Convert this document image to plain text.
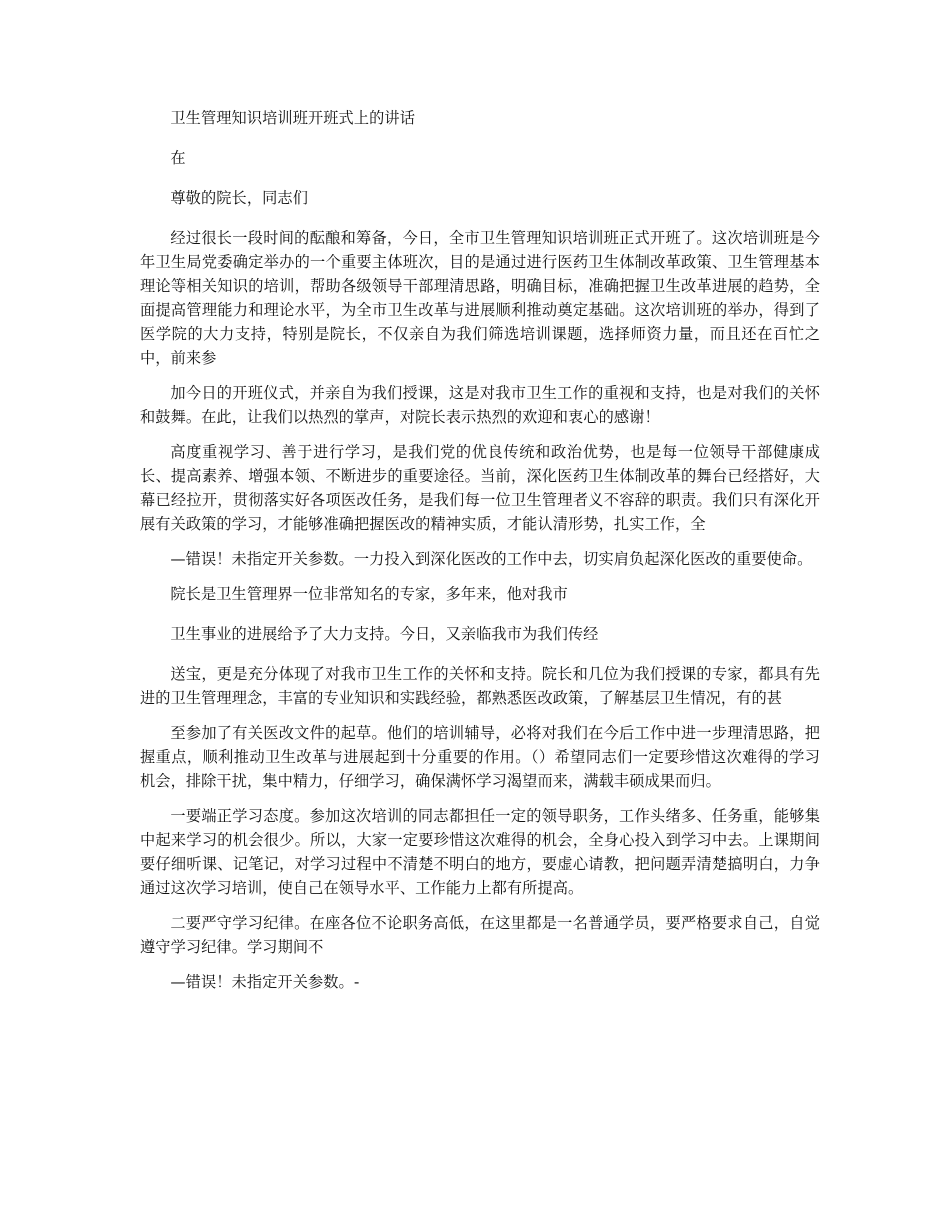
卫生管理知识培训班开班式上的讲话

在

尊敬的院长，同志们

经过很长一段时间的酝酿和筹备，今日，全市卫生管理知识培训班正式开班了。这次培训班是今年卫生局党委确定举办的一个重要主体班次，目的是通过进行医药卫生体制改革政策、卫生管理基本理论等相关知识的培训，帮助各级领导干部理清思路，明确目标，准确把握卫生改革进展的趋势，全面提高管理能力和理论水平，为全市卫生改革与进展顺利推动奠定基础。这次培训班的举办，得到了医学院的大力支持，特别是院长，不仅亲自为我们筛选培训课题，选择师资力量，而且还在百忙之中，前来参

加今日的开班仪式，并亲自为我们授课，这是对我市卫生工作的重视和支持，也是对我们的关怀和鼓舞。在此，让我们以热烈的掌声，对院长表示热烈的欢迎和衷心的感谢！

高度重视学习、善于进行学习，是我们党的优良传统和政治优势，也是每一位领导干部健康成长、提高素养、增强本领、不断进步的重要途径。当前，深化医药卫生体制改革的舞台已经搭好，大幕已经拉开，贯彻落实好各项医改任务，是我们每一位卫生管理者义不容辞的职责。我们只有深化开展有关政策的学习，才能够准确把握医改的精神实质，才能认清形势，扎实工作，全

—错误！未指定开关参数。一力投入到深化医改的工作中去，切实肩负起深化医改的重要使命。

院长是卫生管理界一位非常知名的专家，多年来，他对我市

卫生事业的进展给予了大力支持。今日，又亲临我市为我们传经

送宝，更是充分体现了对我市卫生工作的关怀和支持。院长和几位为我们授课的专家，都具有先进的卫生管理理念，丰富的专业知识和实践经验，都熟悉医改政策，了解基层卫生情况，有的甚

至参加了有关医改文件的起草。他们的培训辅导，必将对我们在今后工作中进一步理清思路，把握重点，顺利推动卫生改革与进展起到十分重要的作用。（）希望同志们一定要珍惜这次难得的学习机会，排除干扰，集中精力，仔细学习，确保满怀学习渴望而来，满载丰硕成果而归。

一要端正学习态度。参加这次培训的同志都担任一定的领导职务，工作头绪多、任务重，能够集中起来学习的机会很少。所以，大家一定要珍惜这次难得的机会，全身心投入到学习中去。上课期间要仔细听课、记笔记，对学习过程中不清楚不明白的地方，要虚心请教，把问题弄清楚搞明白，力争通过这次学习培训，使自己在领导水平、工作能力上都有所提高。

二要严守学习纪律。在座各位不论职务高低，在这里都是一名普通学员，要严格要求自己，自觉遵守学习纪律。学习期间不

—错误！未指定开关参数。-
